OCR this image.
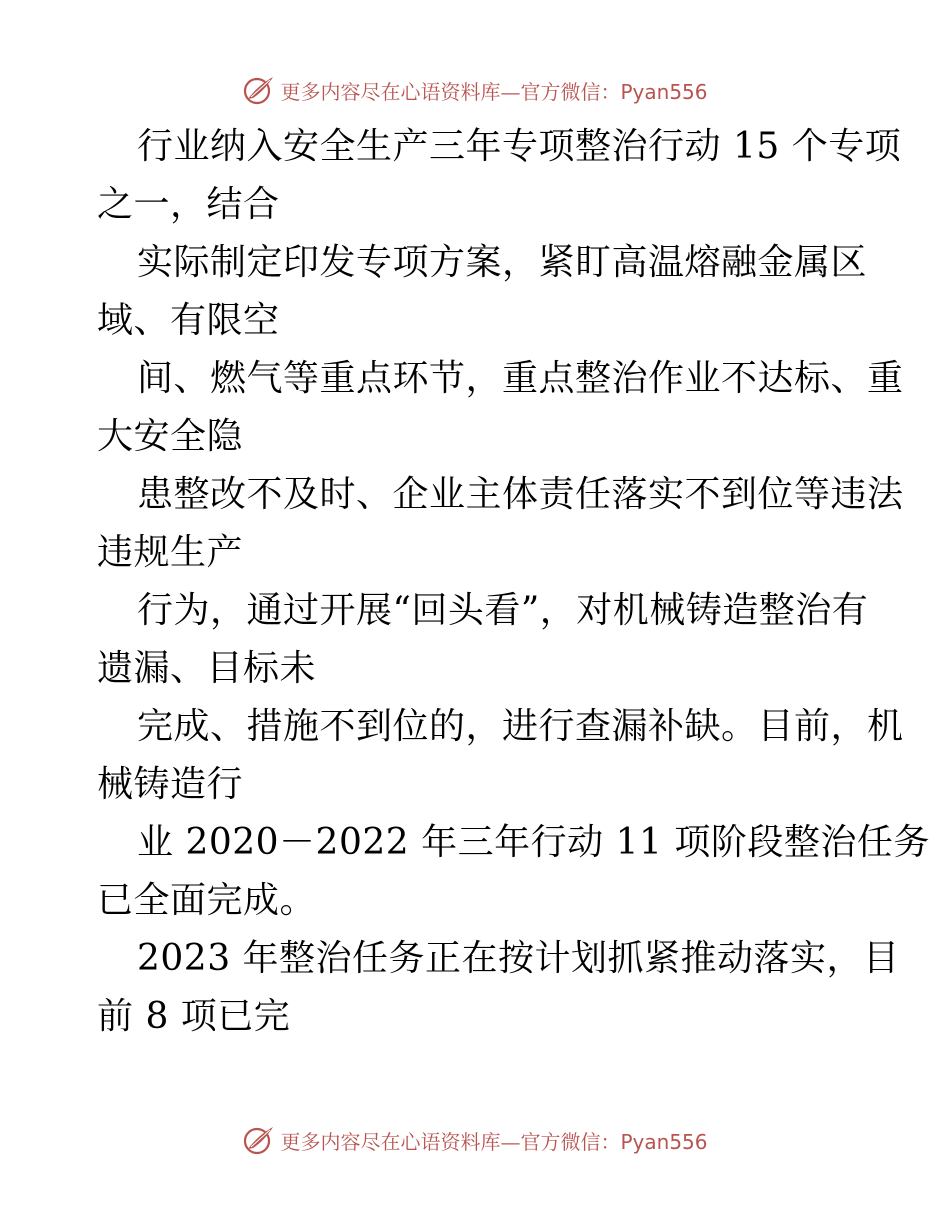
更多内容尽在心语资料库—官方微信：Pyan556
行业纳入安全生产三年专项整治行动 15 个专项
之一，结合
实际制定印发专项方案，紧盯高温熔融金属区
域、有限空
间、燃气等重点环节，重点整治作业不达标、重
大安全隐
患整改不及时、企业主体责任落实不到位等违法
违规生产
行为，通过开展“回头看”，对机械铸造整治有
遗漏、目标未
完成、措施不到位的，进行查漏补缺。目前，机
械铸造行
业 2020－2022 年三年行动 11 项阶段整治任务
已全面完成。
2023 年整治任务正在按计划抓紧推动落实，目
前 8 项已完
更多内容尽在心语资料库—官方微信：Pyan556
